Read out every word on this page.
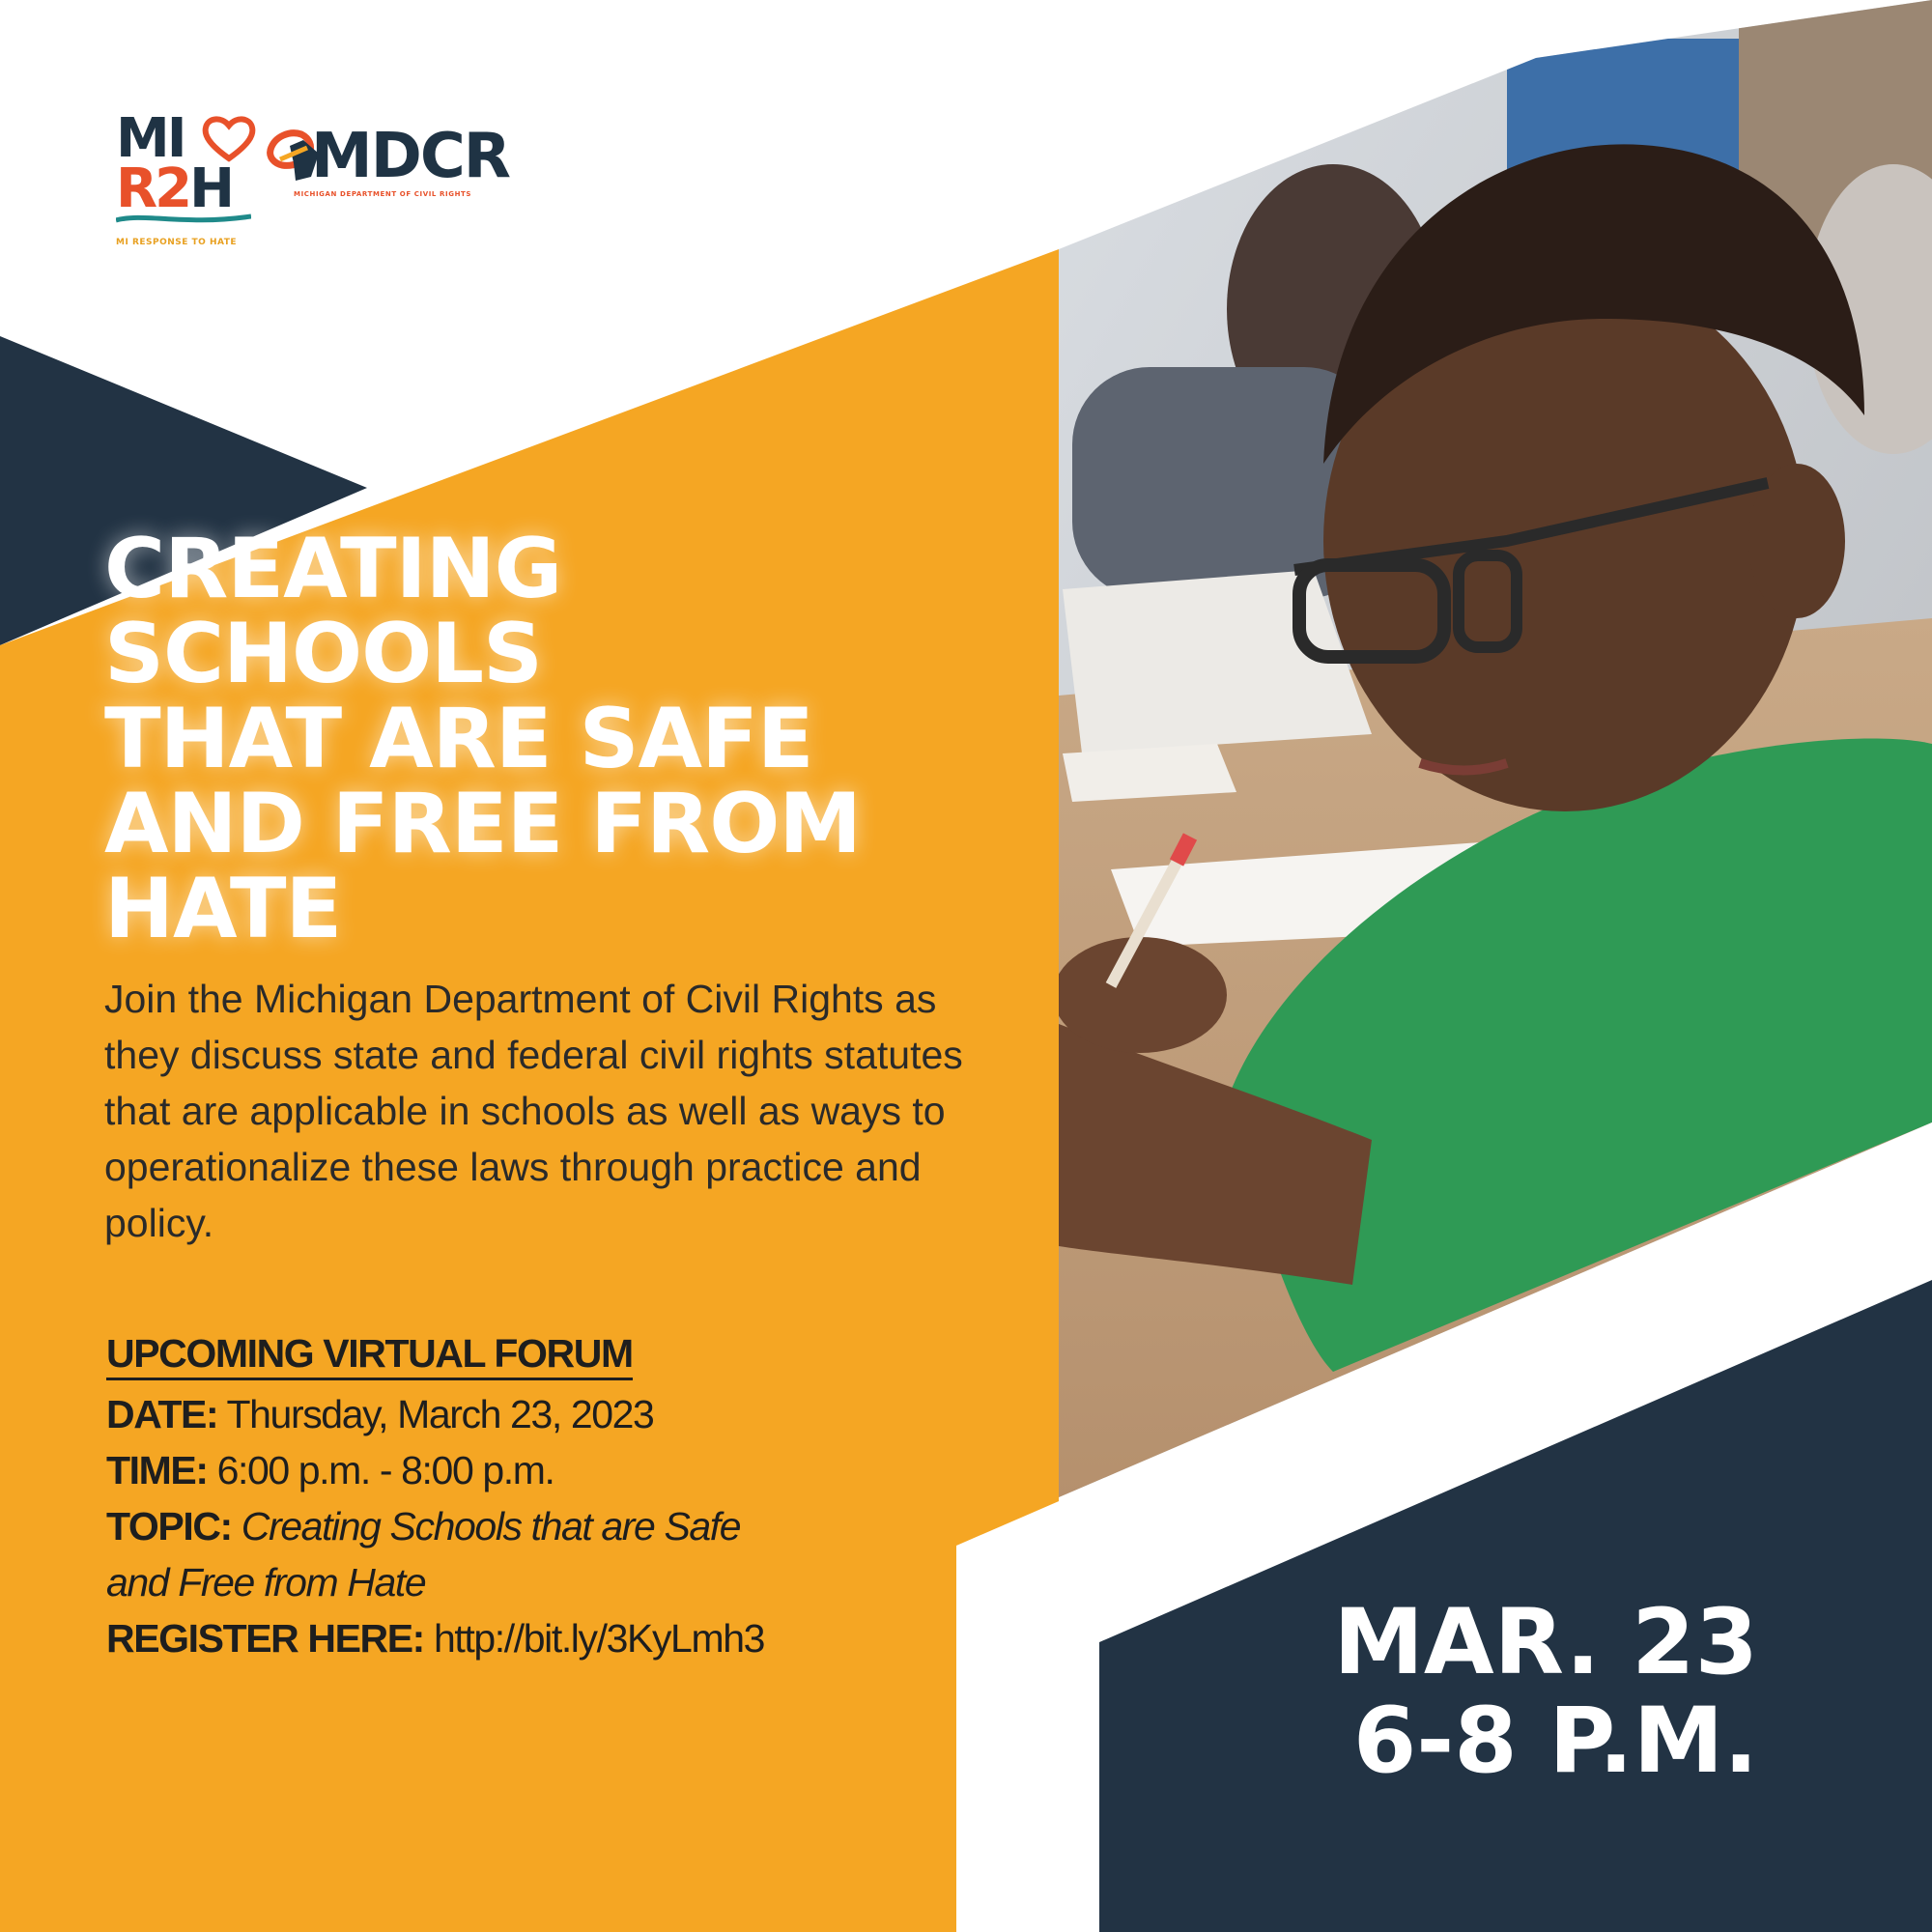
MI
R2H
MI RESPONSE TO HATE
MDCR
MICHIGAN DEPARTMENT OF CIVIL RIGHTS
CREATING
SCHOOLS
THAT ARE SAFE
AND FREE FROM
HATE

Join the Michigan Department of Civil Rights as they discuss state and federal civil rights statutes that are applicable in schools as well as ways to operationalize these laws through practice and policy.

UPCOMING VIRTUAL FORUM
DATE: Thursday, March 23, 2023
TIME: 6:00 p.m. - 8:00 p.m.
TOPIC: Creating Schools that are Safe
and Free from Hate
REGISTER HERE: http://bit.ly/3KyLmh3	MAR. 23
6-8 P.M.
